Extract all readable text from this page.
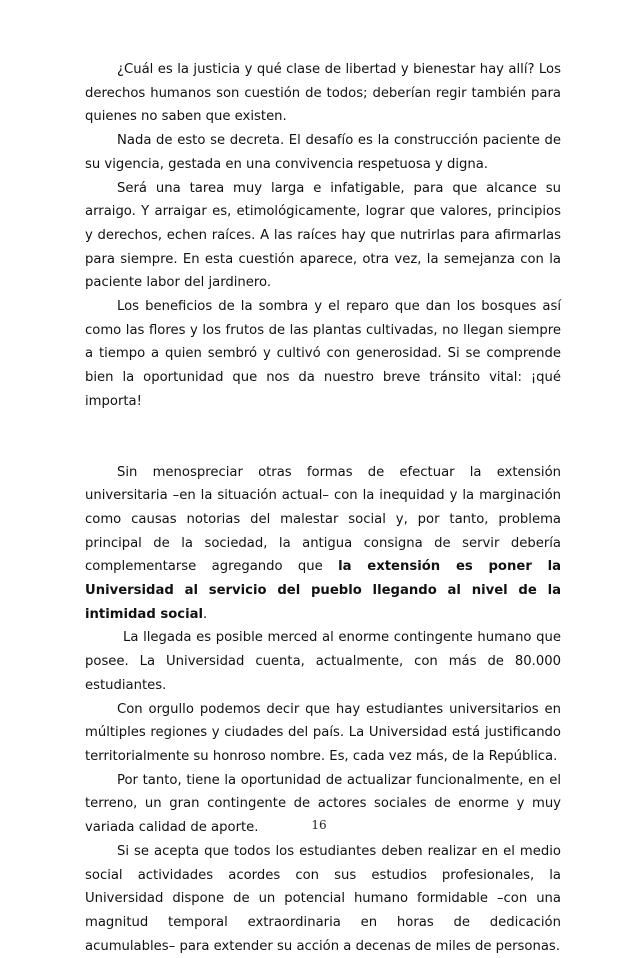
¿Cuál es la justicia y qué clase de libertad y bienestar hay allí? Los derechos humanos son cuestión de todos; deberían regir también para quienes no saben que existen.

Nada de esto se decreta. El desafío es la construcción paciente de su vigencia, gestada en una convivencia respetuosa y digna.

Será una tarea muy larga e infatigable, para que alcance su arraigo. Y arraigar es, etimológicamente, lograr que valores, principios y derechos, echen raíces. A las raíces hay que nutrirlas para afirmarlas para siempre. En esta cuestión aparece, otra vez, la semejanza con la paciente labor del jardinero.

Los beneficios de la sombra y el reparo que dan los bosques así como las flores y los frutos de las plantas cultivadas, no llegan siempre a tiempo a quien sembró y cultivó con generosidad. Si se comprende bien la oportunidad que nos da nuestro breve tránsito vital: ¡qué importa!

Sin menospreciar otras formas de efectuar la extensión universitaria –en la situación actual– con la inequidad y la marginación como causas notorias del malestar social y, por tanto, problema principal de la sociedad, la antigua consigna de servir debería complementarse agregando que la extensión es poner la Universidad al servicio del pueblo llegando al nivel de la intimidad social.

La llegada es posible merced al enorme contingente humano que posee. La Universidad cuenta, actualmente, con más de 80.000 estudiantes.

Con orgullo podemos decir que hay estudiantes universitarios en múltiples regiones y ciudades del país. La Universidad está justificando territorialmente su honroso nombre. Es, cada vez más, de la República.

Por tanto, tiene la oportunidad de actualizar funcionalmente, en el terreno, un gran contingente de actores sociales de enorme y muy variada calidad de aporte.

Si se acepta que todos los estudiantes deben realizar en el medio social actividades acordes con sus estudios profesionales, la Universidad dispone de un potencial humano formidable –con una magnitud temporal extraordinaria en horas de dedicación acumulables– para extender su acción a decenas de miles de personas.

16
